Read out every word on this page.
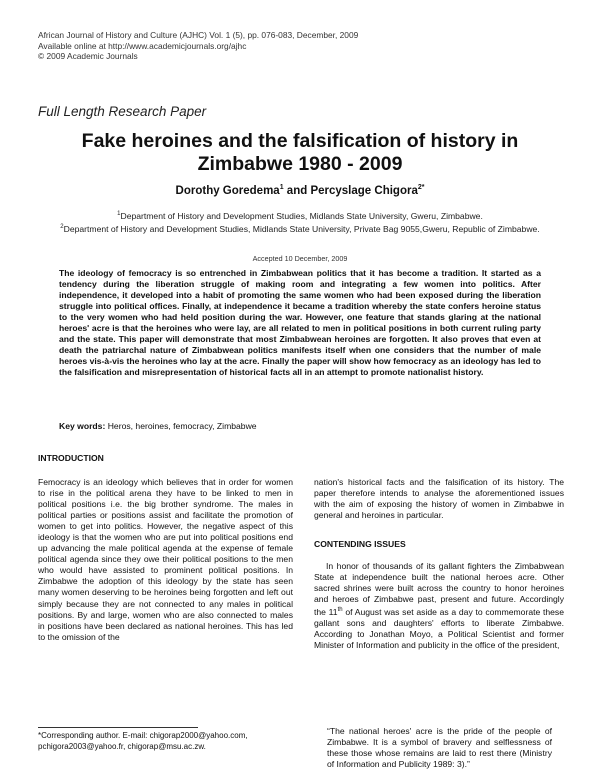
African Journal of History and Culture (AJHC) Vol. 1 (5), pp. 076-083, December, 2009
Available online at http://www.academicjournals.org/ajhc
© 2009 Academic Journals
Full Length Research Paper
Fake heroines and the falsification of history in
Zimbabwe 1980 - 2009
Dorothy Goredema$^1$ and Percyslage Chigora$^{2*}$
$^1$Department of History and Development Studies, Midlands State University, Gweru, Zimbabwe.
$^2$Department of History and Development Studies, Midlands State University, Private Bag 9055,Gweru, Republic of Zimbabwe.
Accepted 10 December, 2009

The ideology of femocracy is so entrenched in Zimbabwean politics that it has become a tradition. It started as a tendency during the liberation struggle of making room and integrating a few women into politics. After independence, it developed into a habit of promoting the same women who had been exposed during the liberation struggle into political offices. Finally, at independence it became a tradition whereby the state confers heroine status to the very women who had held position during the war. However, one feature that stands glaring at the national heroes' acre is that the heroines who were lay, are all related to men in political positions in both current ruling party and the state. This paper will demonstrate that most Zimbabwean heroines are forgotten. It also proves that even at death the patriarchal nature of Zimbabwean politics manifests itself when one considers that the number of male heroes vis-à-vis the heroines who lay at the acre. Finally the paper will show how femocracy as an ideology has led to the falsification and misrepresentation of historical facts all in an attempt to promote nationalist history.

Key words: Heros, heroines, femocracy, Zimbabwe
INTRODUCTION

Femocracy is an ideology which believes that in order for women to rise in the political arena they have to be linked to men in political positions i.e. the big brother syndrome. The males in political parties or positions assist and facilitate the promotion of women to get into politics. However, the negative aspect of this ideology is that the women who are put into political positions end up advancing the male political agenda at the expense of female political agenda since they owe their political positions to the men who would have assisted to prominent political positions. In Zimbabwe the adoption of this ideology by the state has seen many women deserving to be heroines being forgotten and left out simply because they are not connected to any males in political positions. By and large, women who are also connected to males in positions have been declared as national heroines. This has led to the omission of the

nation's historical facts and the falsification of its history. The paper therefore intends to analyse the aforementioned issues with the aim of exposing the history of women in Zimbabwe in general and heroines in particular.

CONTENDING ISSUES

In honor of thousands of its gallant fighters the Zimbabwean State at independence built the national heroes acre. Other sacred shrines were built across the country to honor heroines and heroes of Zimbabwe past, present and future. Accordingly the 11th of August was set aside as a day to commemorate these gallant sons and daughters' efforts to liberate Zimbabwe. According to Jonathan Moyo, a Political Scientist and former Minister of Information and publicity in the office of the president,

“The national heroes' acre is the pride of the people of Zimbabwe. It is a symbol of bravery and selflessness of these those whose remains are laid to rest there (Ministry of Information and Publicity 1989: 3).”

*Corresponding author. E-mail: chigorap2000@yahoo.com, pchigora2003@yahoo.fr, chigorap@msu.ac.zw.
